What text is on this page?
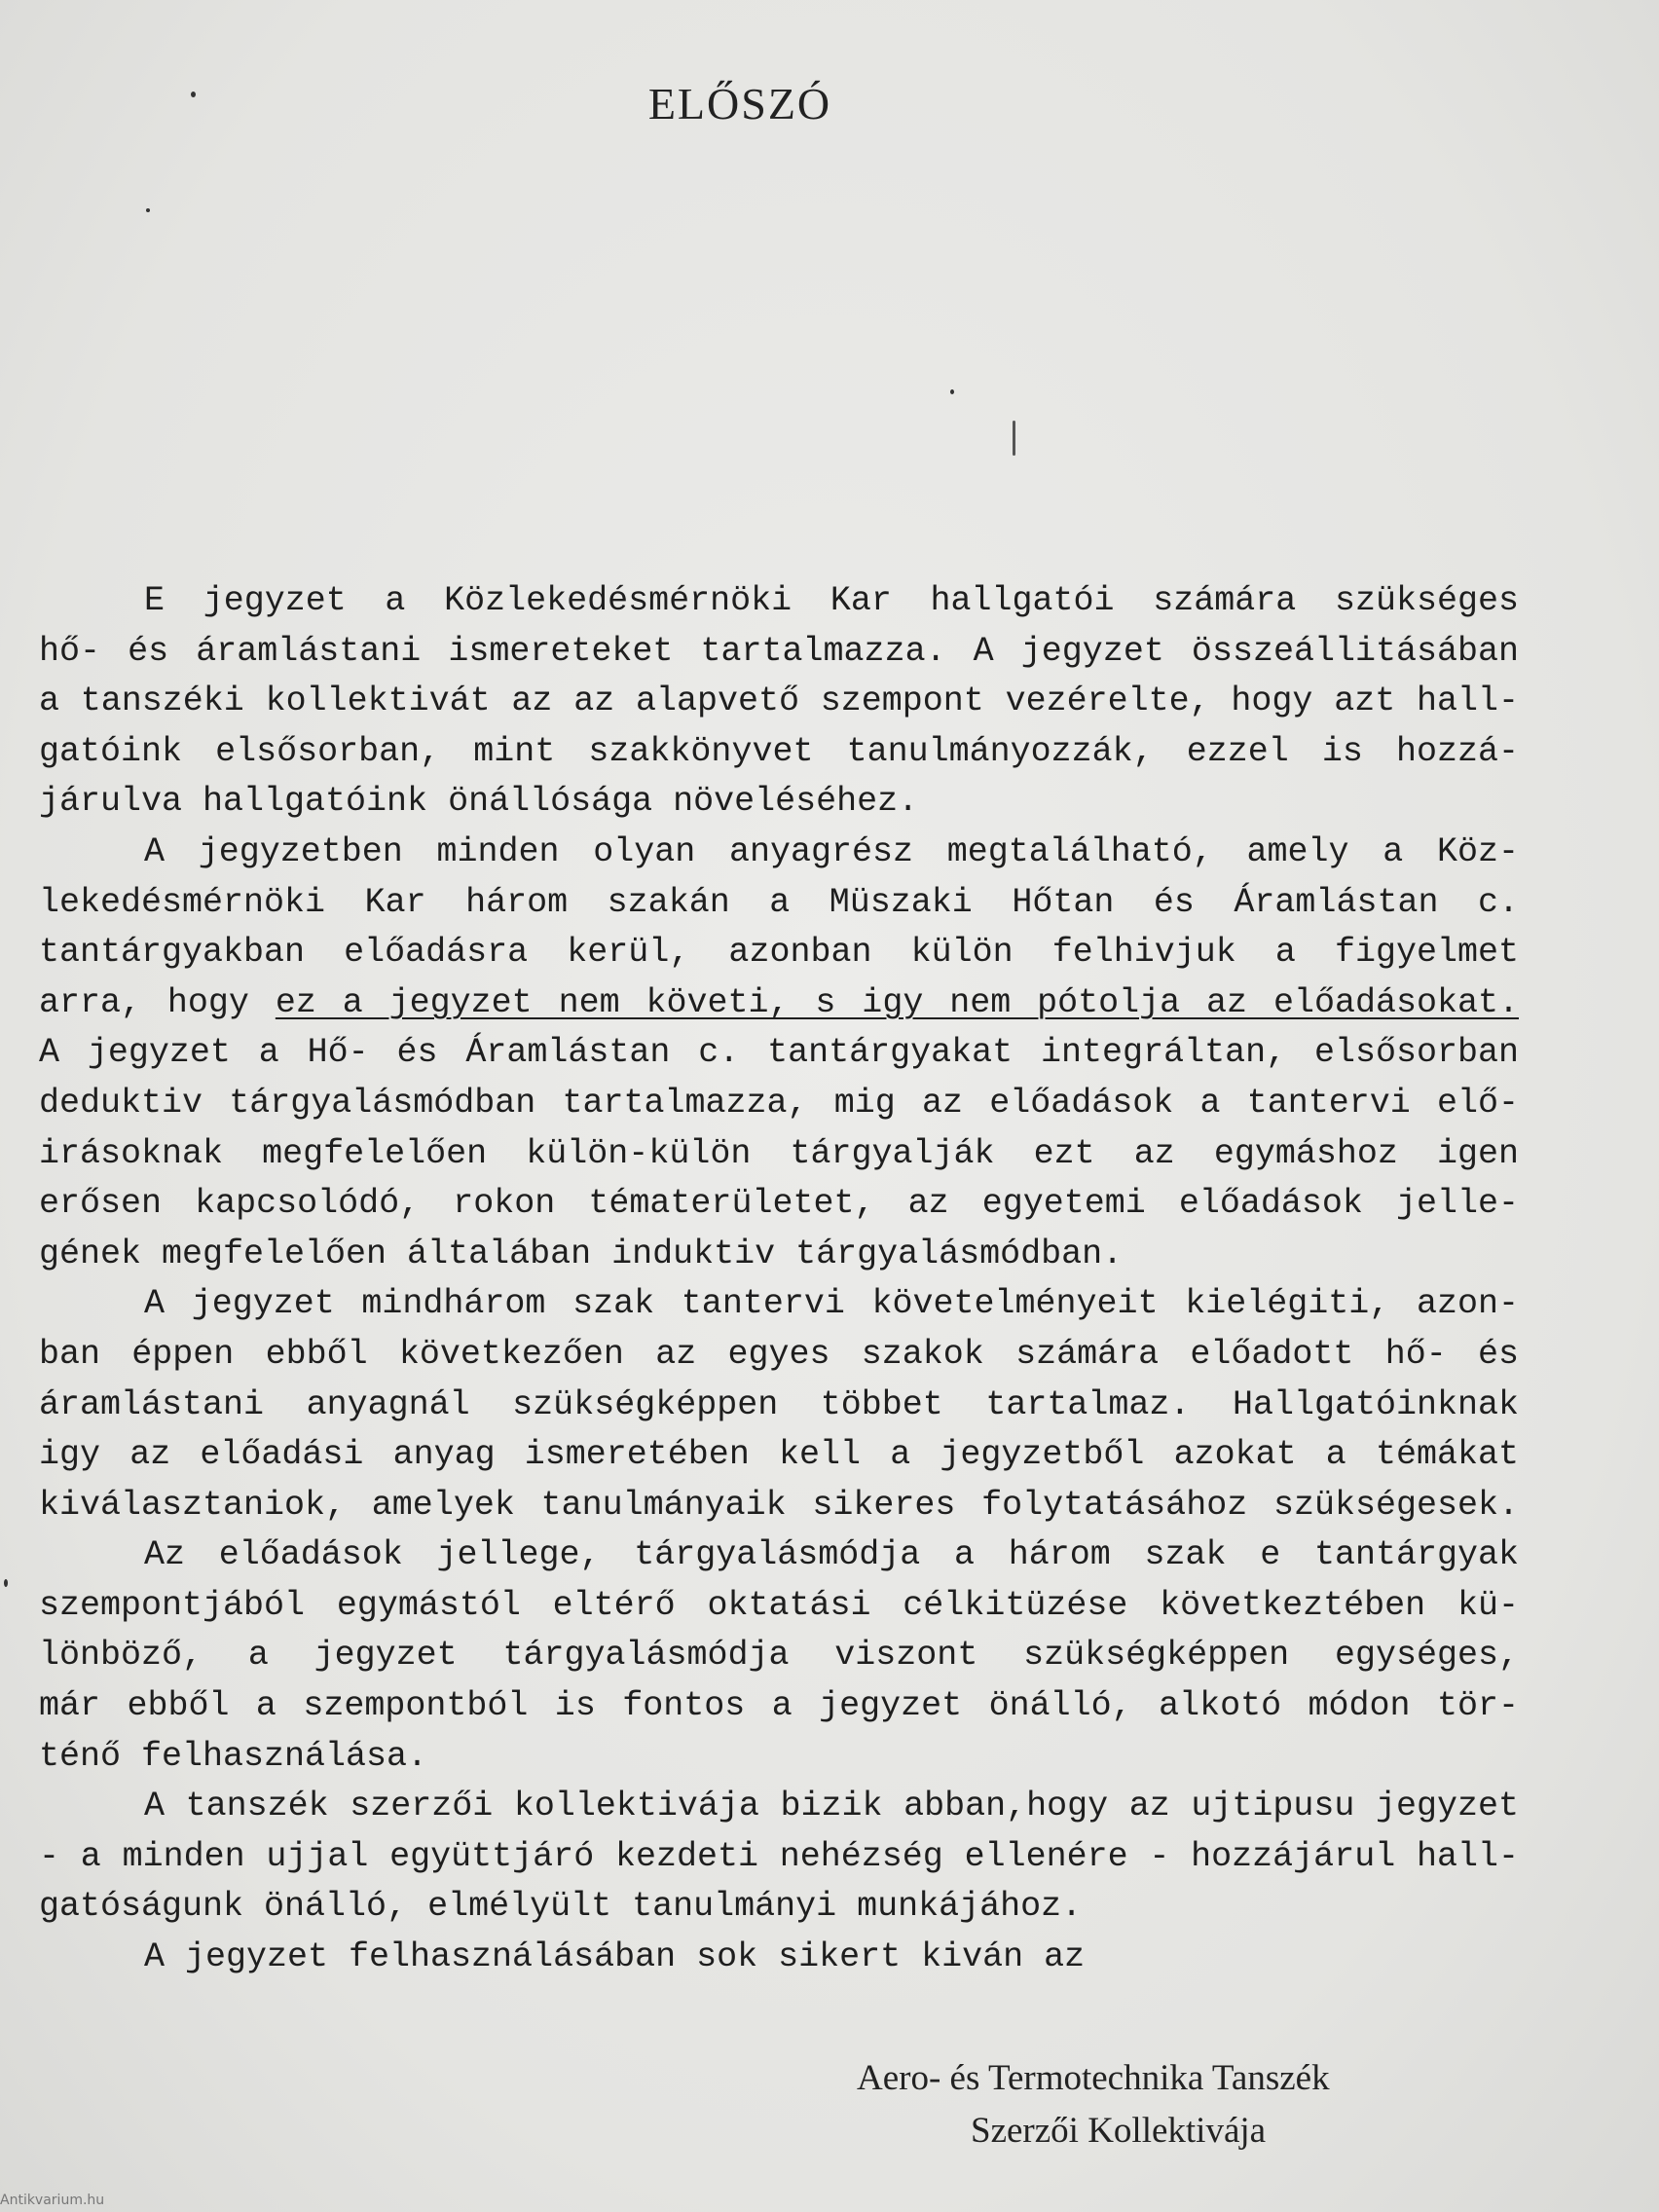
ELŐSZÓ
E jegyzet a Közlekedésmérnöki Kar hallgatói számára szükséges
hő- és áramlástani ismereteket tartalmazza. A jegyzet összeállitásában
a tanszéki kollektivát az az alapvető szempont vezérelte, hogy azt hall-
gatóink elsősorban, mint szakkönyvet tanulmányozzák, ezzel is hozzá-
járulva hallgatóink önállósága növeléséhez.
A jegyzetben minden olyan anyagrész megtalálható, amely a Köz-
lekedésmérnöki Kar három szakán a Müszaki Hőtan és Áramlástan c.
tantárgyakban előadásra kerül, azonban külön felhivjuk a figyelmet
arra, hogy ez a jegyzet nem követi, s igy nem pótolja az előadásokat.
A jegyzet a Hő- és Áramlástan c. tantárgyakat integráltan, elsősorban
deduktiv tárgyalásmódban tartalmazza, mig az előadások a tantervi elő-
irásoknak megfelelően külön-külön tárgyalják ezt az egymáshoz igen
erősen kapcsolódó, rokon tématerületet, az egyetemi előadások jelle-
gének megfelelően általában induktiv tárgyalásmódban.
A jegyzet mindhárom szak tantervi követelményeit kielégiti, azon-
ban éppen ebből következően az egyes szakok számára előadott hő- és
áramlástani anyagnál szükségképpen többet tartalmaz. Hallgatóinknak
igy az előadási anyag ismeretében kell a jegyzetből azokat a témákat
kiválasztaniok, amelyek tanulmányaik sikeres folytatásához szükségesek.
Az előadások jellege, tárgyalásmódja a három szak e tantárgyak
szempontjából egymástól eltérő oktatási célkitüzése következtében kü-
lönböző, a jegyzet tárgyalásmódja viszont szükségképpen egységes,
már ebből a szempontból is fontos a jegyzet önálló, alkotó módon tör-
ténő felhasználása.
A tanszék szerzői kollektivája bizik abban,hogy az ujtipusu jegyzet
- a minden ujjal együttjáró kezdeti nehézség ellenére - hozzájárul hall-
gatóságunk önálló, elmélyült tanulmányi munkájához.
A jegyzet felhasználásában sok sikert kiván az
Aero- és Termotechnika Tanszék
Szerzői Kollektivája
Antikvarium.hu
